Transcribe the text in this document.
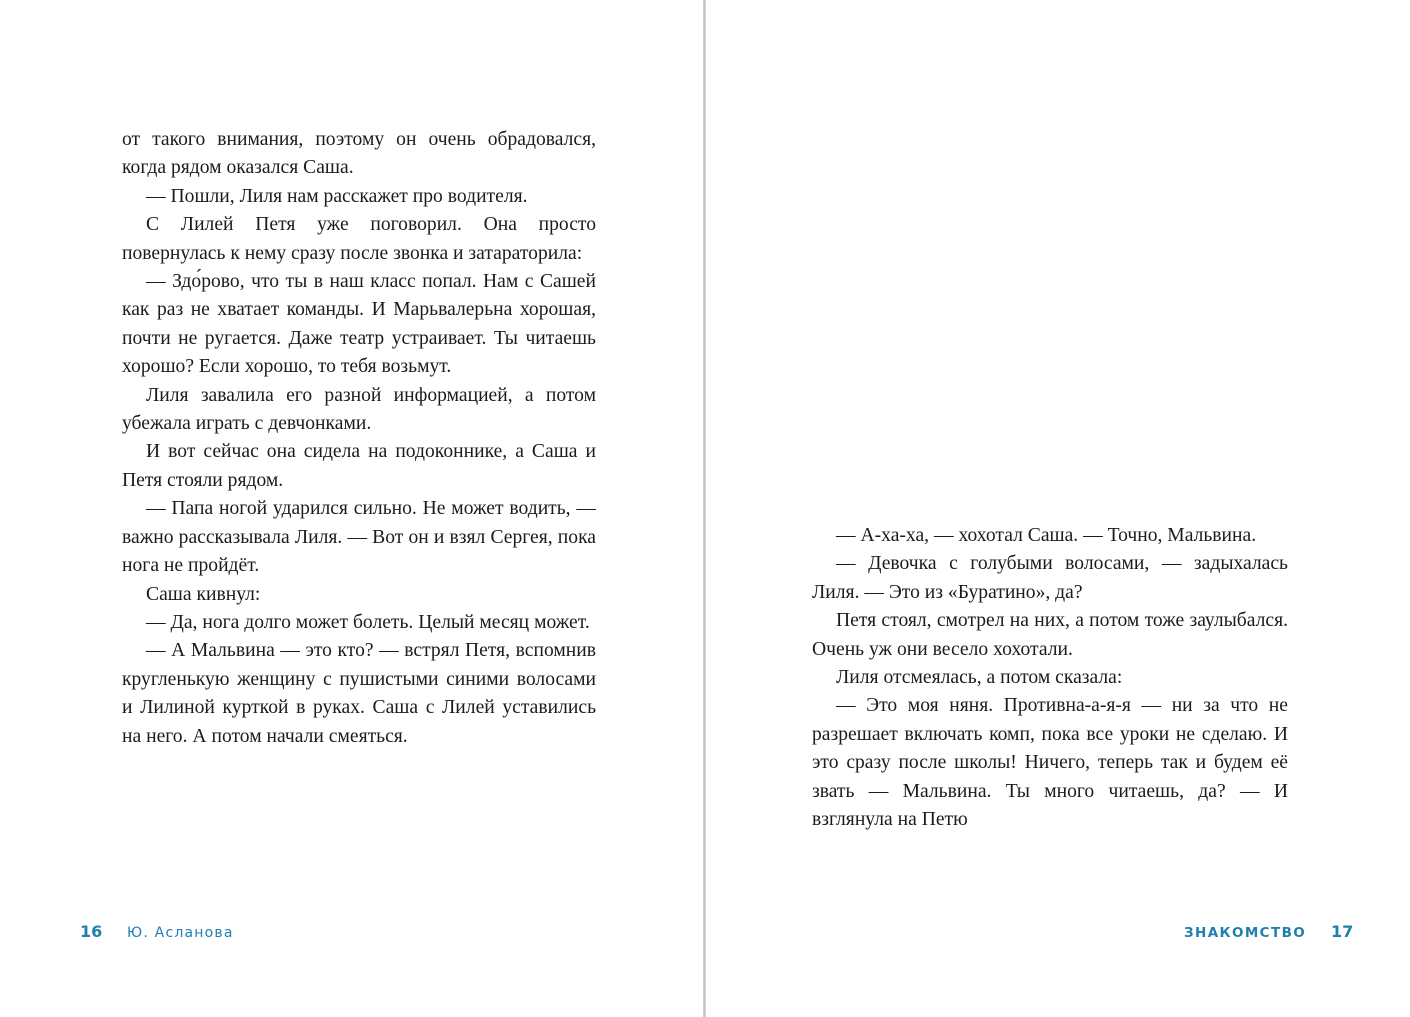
от такого внимания, поэтому он очень обрадовался, когда рядом оказался Саша.

— Пошли, Лиля нам расскажет про водителя.

С Лилей Петя уже поговорил. Она просто повернулась к нему сразу после звонка и затараторила:

— Здо́рово, что ты в наш класс попал. Нам с Сашей как раз не хватает команды. И Марьвалерьна хорошая, почти не ругается. Даже театр устраивает. Ты читаешь хорошо? Если хорошо, то тебя возьмут.

Лиля завалила его разной информацией, а потом убежала играть с девчонками.

И вот сейчас она сидела на подоконнике, а Саша и Петя стояли рядом.

— Папа ногой ударился сильно. Не может водить, — важно рассказывала Лиля. — Вот он и взял Сергея, пока нога не пройдёт.

Саша кивнул:

— Да, нога долго может болеть. Целый месяц может.

— А Мальвина — это кто? — встрял Петя, вспомнив кругленькую женщину с пушистыми синими волосами и Лилиной курткой в руках. Саша с Лилей уставились на него. А потом начали смеяться.

16 Ю. Асланова

— А-ха-ха, — хохотал Саша. — Точно, Мальвина.

— Девочка с голубыми волосами, — задыхалась Лиля. — Это из «Буратино», да?

Петя стоял, смотрел на них, а потом тоже заулыбался. Очень уж они весело хохотали.

Лиля отсмеялась, а потом сказала:

— Это моя няня. Противна-а-я-я — ни за что не разрешает включать комп, пока все уроки не сделаю. И это сразу после школы! Ничего, теперь так и будем её звать — Мальвина. Ты много читаешь, да? — И взглянула на Петю

ЗНАКОМСТВО 17
